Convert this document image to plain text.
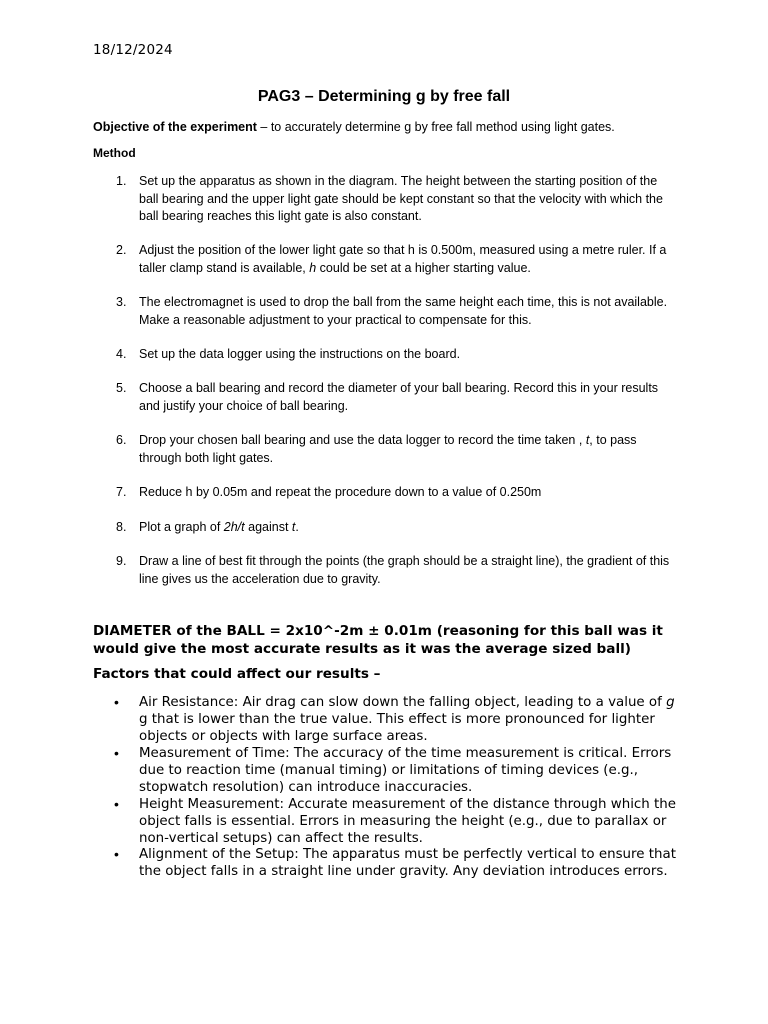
18/12/2024
PAG3 – Determining g by free fall
Objective of the experiment – to accurately determine g by free fall method using light gates.
Method
1. Set up the apparatus as shown in the diagram. The height between the starting position of the ball bearing and the upper light gate should be kept constant so that the velocity with which the ball bearing reaches this light gate is also constant.
2. Adjust the position of the lower light gate so that h is 0.500m, measured using a metre ruler. If a taller clamp stand is available, h could be set at a higher starting value.
3. The electromagnet is used to drop the ball from the same height each time, this is not available. Make a reasonable adjustment to your practical to compensate for this.
4. Set up the data logger using the instructions on the board.
5. Choose a ball bearing and record the diameter of your ball bearing. Record this in your results and justify your choice of ball bearing.
6. Drop your chosen ball bearing and use the data logger to record the time taken , t, to pass through both light gates.
7. Reduce h by 0.05m and repeat the procedure down to a value of 0.250m
8. Plot a graph of 2h/t against t.
9. Draw a line of best fit through the points (the graph should be a straight line), the gradient of this line gives us the acceleration due to gravity.
DIAMETER of the BALL = 2x10^-2m ± 0.01m (reasoning for this ball was it would give the most accurate results as it was the average sized ball)
Factors that could affect our results –
• Air Resistance: Air drag can slow down the falling object, leading to a value of g g that is lower than the true value. This effect is more pronounced for lighter objects or objects with large surface areas.
• Measurement of Time: The accuracy of the time measurement is critical. Errors due to reaction time (manual timing) or limitations of timing devices (e.g., stopwatch resolution) can introduce inaccuracies.
• Height Measurement: Accurate measurement of the distance through which the object falls is essential. Errors in measuring the height (e.g., due to parallax or non-vertical setups) can affect the results.
• Alignment of the Setup: The apparatus must be perfectly vertical to ensure that the object falls in a straight line under gravity. Any deviation introduces errors.
